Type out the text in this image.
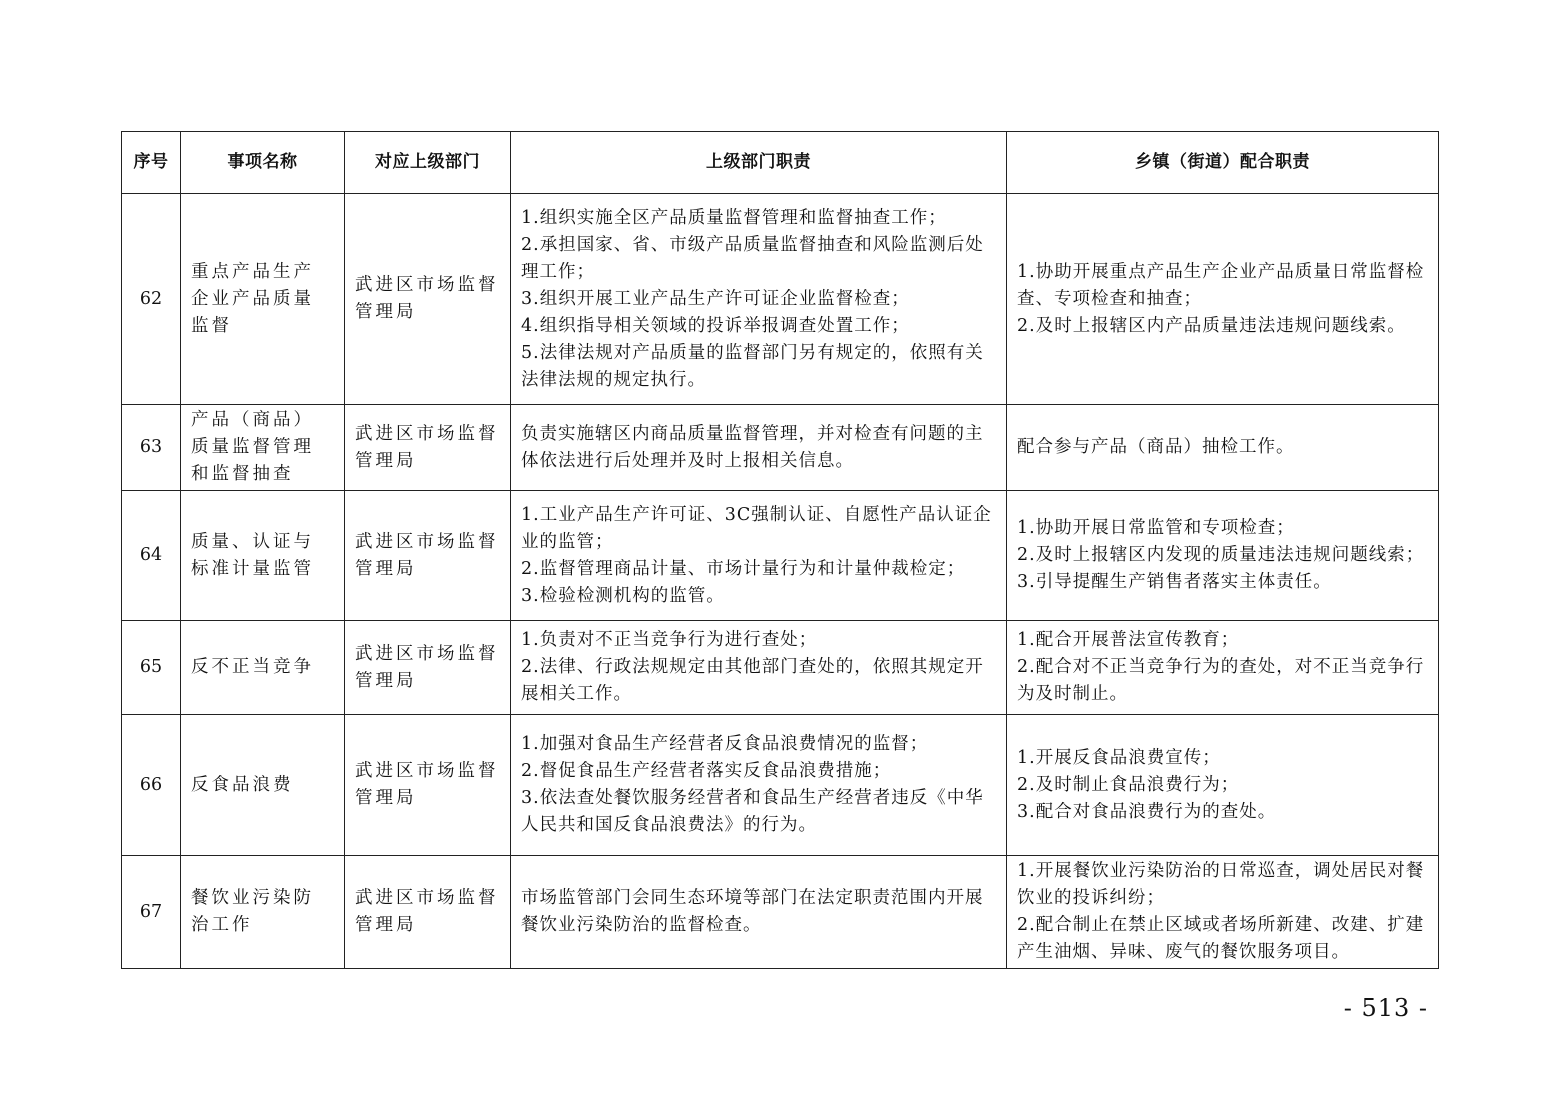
序号	事项名称	对应上级部门	上级部门职责	乡镇（街道）配合职责
62	重点产品生产企业产品质量监督	武进区市场监督管理局	1.组织实施全区产品质量监督管理和监督抽查工作；
2.承担国家、省、市级产品质量监督抽查和风险监测后处理工作；
3.组织开展工业产品生产许可证企业监督检查；
4.组织指导相关领域的投诉举报调查处置工作；
5.法律法规对产品质量的监督部门另有规定的，依照有关法律法规的规定执行。	1.协助开展重点产品生产企业产品质量日常监督检查、专项检查和抽查；
2.及时上报辖区内产品质量违法违规问题线索。

63	产品（商品）质量监督管理和监督抽查	武进区市场监督管理局	负责实施辖区内商品质量监督管理，并对检查有问题的主体依法进行后处理并及时上报相关信息。	配合参与产品（商品）抽检工作。

64	质量、认证与标准计量监管	武进区市场监督管理局	1.工业产品生产许可证、3C强制认证、自愿性产品认证企业的监管；
2.监督管理商品计量、市场计量行为和计量仲裁检定；
3.检验检测机构的监管。	1.协助开展日常监管和专项检查；
2.及时上报辖区内发现的质量违法违规问题线索；
3.引导提醒生产销售者落实主体责任。

65	反不正当竞争	武进区市场监督管理局	1.负责对不正当竞争行为进行查处；
2.法律、行政法规规定由其他部门查处的，依照其规定开展相关工作。	1.配合开展普法宣传教育；
2.配合对不正当竞争行为的查处，对不正当竞争行为及时制止。

66	反食品浪费	武进区市场监督管理局	1.加强对食品生产经营者反食品浪费情况的监督；
2.督促食品生产经营者落实反食品浪费措施；
3.依法查处餐饮服务经营者和食品生产经营者违反《中华人民共和国反食品浪费法》的行为。	1.开展反食品浪费宣传；
2.及时制止食品浪费行为；
3.配合对食品浪费行为的查处。

67	餐饮业污染防治工作	武进区市场监督管理局	市场监管部门会同生态环境等部门在法定职责范围内开展餐饮业污染防治的监督检查。	1.开展餐饮业污染防治的日常巡查，调处居民对餐饮业的投诉纠纷；
2.配合制止在禁止区域或者场所新建、改建、扩建产生油烟、异味、废气的餐饮服务项目。
- 513 -
